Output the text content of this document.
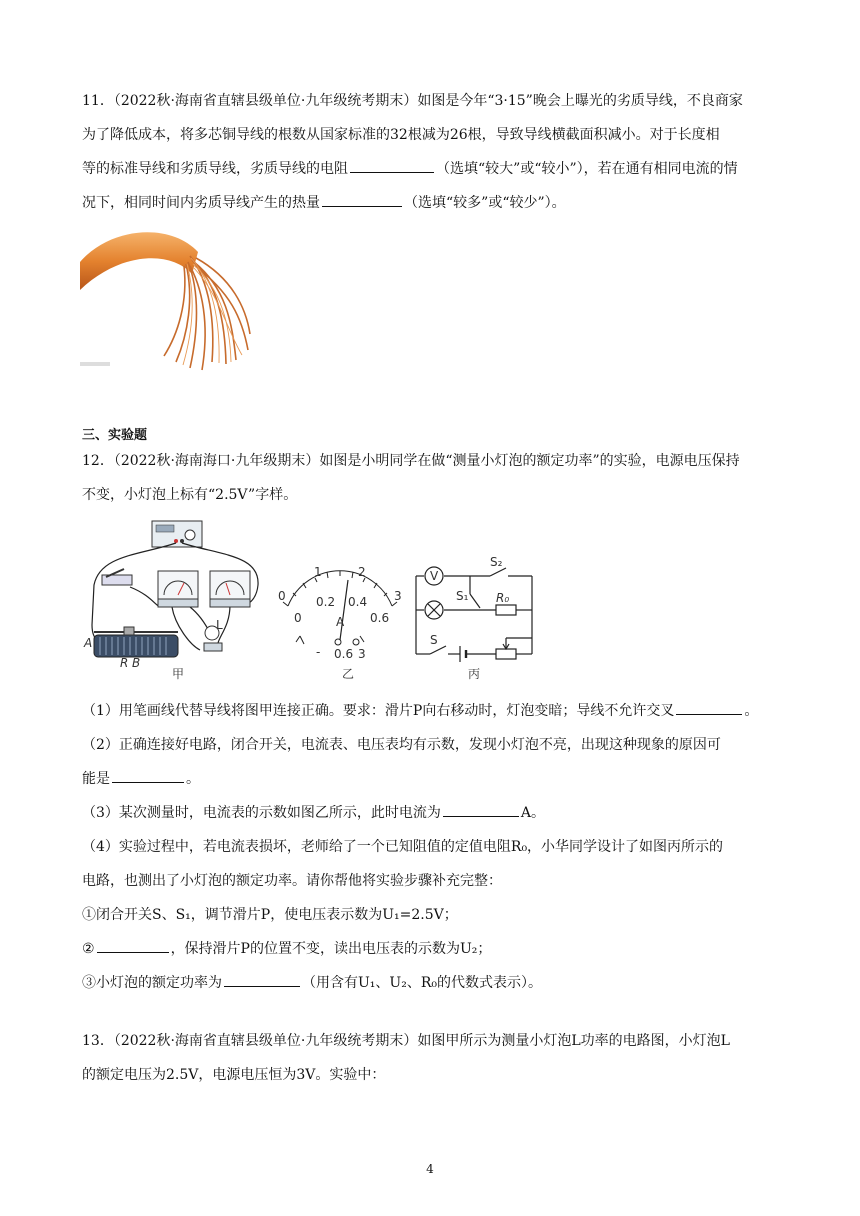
11．（2022秋·海南省直辖县级单位·九年级统考期末）如图是今年“3·15”晚会上曝光的劣质导线，不良商家
为了降低成本，将多芯铜导线的根数从国家标准的32根减为26根，导致导线横截面积减小。对于长度相
等的标准导线和劣质导线，劣质导线的电阻	（选填“较大”或“较小”），若在通有相同电流的情
况下，相同时间内劣质导线产生的热量	（选填“较多”或“较少”）。
三、实验题
12．（2022秋·海南海口·九年级期末）如图是小明同学在做“测量小灯泡的额定功率”的实验，电源电压保持
不变，小灯泡上标有“2.5V”字样。
A
R B
L
甲
0
1	2
3
0
0.2 0.4
0.6
A
- 0.6 3
乙
V
S₂
S₁ R₀
S
丙
（1）用笔画线代替导线将图甲连接正确。要求：滑片P向右移动时，灯泡变暗；导线不允许交叉	。
（2）正确连接好电路，闭合开关，电流表、电压表均有示数，发现小灯泡不亮，出现这种现象的原因可
能是	。
（3）某次测量时，电流表的示数如图乙所示，此时电流为	A。
（4）实验过程中，若电流表损坏，老师给了一个已知阻值的定值电阻R₀，小华同学设计了如图丙所示的
电路，也测出了小灯泡的额定功率。请你帮他将实验步骤补充完整：
①闭合开关S、S₁，调节滑片P，使电压表示数为U₁=2.5V；
②	，保持滑片P的位置不变，读出电压表的示数为U₂；
③小灯泡的额定功率为	（用含有U₁、U₂、R₀的代数式表示）。
13．（2022秋·海南省直辖县级单位·九年级统考期末）如图甲所示为测量小灯泡L功率的电路图，小灯泡L
的额定电压为2.5V，电源电压恒为3V。实验中：
4
